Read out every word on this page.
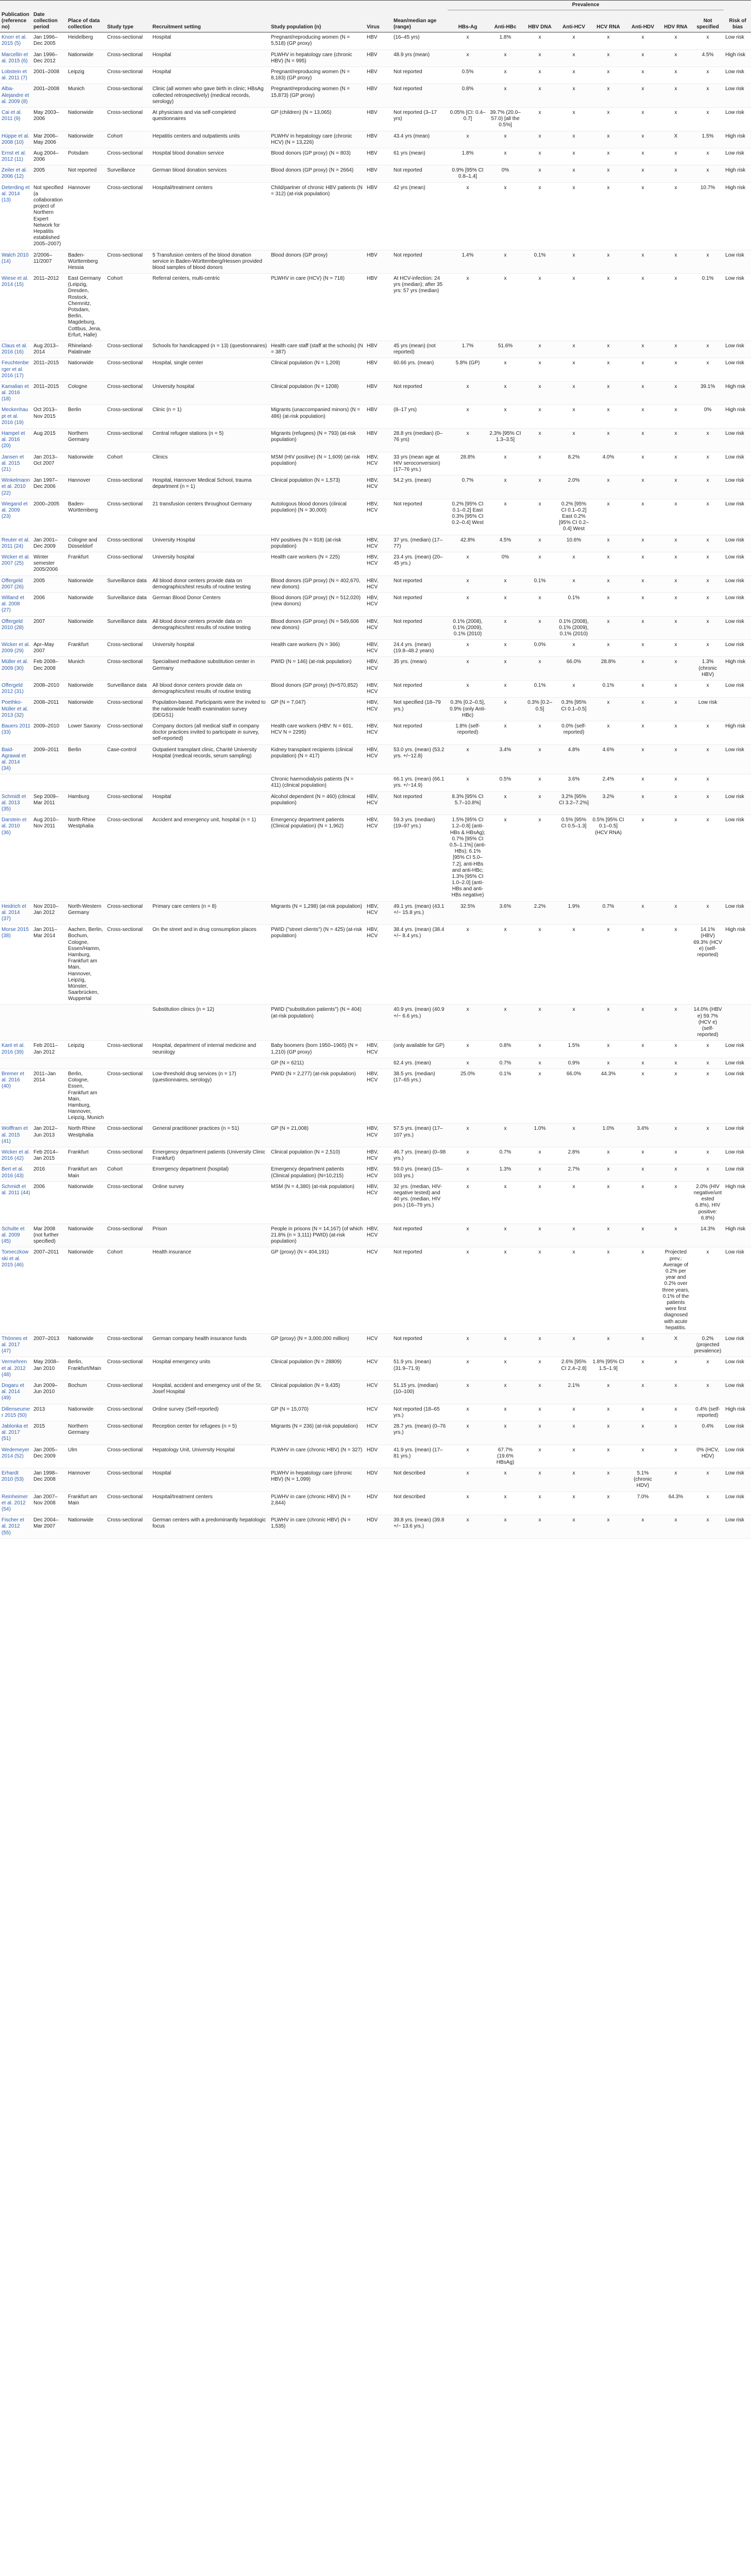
								Prevalence								
Publication (reference no)	Date collection period	Place of data collection	Study type	Recruitment setting	Study population (n)	Virus	Mean/median age (range)	HBs-Ag	Anti-HBc	HBV DNA	Anti-HCV	HCV RNA	Anti-HDV	HDV RNA	Not specified	Risk of bias
Knorr et al. 2015 (5)	Jan 1996–Dec 2005	Heidelberg	Cross-sectional	Hospital	Pregnant/reproducing women (N = 5,518) (GP proxy)	HBV	(16–45 yrs)	x	1.8%	x	x	x	x	x	x	Low risk
Marcellin et al. 2015 (6)	Jan 1996–Dec 2012	Nationwide	Cross-sectional	Hospital	PLWHV in hepatology care (chronic HBV) (N = 995)	HBV	48.9 yrs (mean)	x	x	x	x	x	x	x	4.5%	High risk
Lobstein et al. 2011 (7)	2001–2008	Leipzig	Cross-sectional	Hospital	Pregnant/reproducing women (N = 8,183) (GP proxy)	HBV	Not reported	0.5%	x	x	x	x	x	x	x	Low risk
Alba-Alejandre et al. 2009 (8)	2001–2008	Munich	Cross-sectional	Clinic (all women who gave birth in clinic; HBsAg collected retrospectively) (medical records, serology)	Pregnant/reproducing women (N = 15,873) (GP proxy)	HBV	Not reported	0.8%	x	x	x	x	x	x	x	Low risk
Cai et al. 2011 (9)	May 2003–2006	Nationwide	Cross-sectional	At physicians and via self-completed questionnaires	GP (children) (N = 13,065)	HBV	Not reported (3–17 yrs)	0.05% [CI: 0.4–0.7]	39.7% (20.0–57.0) [all the 0.5%]	x	x	x	x	x	x	Low risk
Hüppe et al. 2008 (10)	Mar 2006–May 2006	Nationwide	Cohort	Hepatitis centers and outpatients units	PLWHV in hepatology care (chronic HCV) (N = 13,226)	HBV	43.4 yrs (mean)	x	x	x	x	x	x	X	1.5%	High risk
Ernst et al. 2012 (11)	Aug 2004–2006	Potsdam	Cross-sectional	Hospital blood donation service	Blood donors (GP proxy) (N = 803)	HBV	61 yrs (mean)	1.8%	x	x	x	x	x	x	x	Low risk
Zeiler et al. 2006 (12)	2005	Not reported	Surveillance	German blood donation services	Blood donors (GP proxy) (N = 2664)	HBV	Not reported	0.9% [95% CI 0.8–1.4]	0%	x	x	x	x	x	x	High risk
Deterding et al. 2014 (13)	Not specified (a collaboration project of Northern Expert Network for Hepatitis established 2005–2007)	Hannover	Cross-sectional	Hospital/treatment centers	Child/partner of chronic HBV patients (N = 312) (at-risk population)	HBV	42 yrs (mean)	x	x	x	x	x	x	x	10.7%	High risk
Walch 2010 (14)	2/2006–11/2007	Baden-Württemberg Hessia	Cross-sectional	5 Transfusion centers of the blood donation service in Baden-Württemberg/Hessen provided blood samples of blood donors	Blood donors (GP proxy)	HBV	Not reported	1.4%	x	0.1%	x	x	x	x	x	Low risk
Wiese et al. 2014 (15)	2011–2012	East Germany (Leipzig, Dresden, Rostock, Chemnitz, Potsdam, Berlin, Magdeburg, Cottbus, Jena, Erfurt, Halle)	Cohort	Referral centers, multi-centric	PLWHV in care (HCV) (N = 718)	HBV	At HCV-infection: 24 yrs (median); after 35 yrs: 57 yrs (median)	x	x	x	x	x	x	x	0.1%	Low risk
Claus et al. 2016 (16)	Aug 2013–2014	Rhineland-Palatinate	Cross-sectional	Schools for handicapped (n = 13) (questionnaires)	Health care staff (staff at the schools) (N = 387)	HBV	45 yrs (mean) (not reported)	1.7%	51.6%	x	x	x	x	x	x	Low risk
Feuchtenberger et al. 2016 (17)	2011–2015	Nationwide	Cross-sectional	Hospital, single center	Clinical population (N = 1,209)	HBV	60.66 yrs. (mean)	5.8% (GP)	x	x	x	x	x	x	x	Low risk
Kamalian et al. 2016 (18)	2011–2015	Cologne	Cross-sectional	University hospital	Clinical population (N = 1208)	HBV	Not reported	x	x	x	x	x	x	x	39.1%	High risk
Meckenhaupt et al. 2016 (19)	Oct 2013–Nov 2015	Berlin	Cross-sectional	Clinic (n = 1)	Migrants (unaccompanied minors) (N = 486) (at-risk population)	HBV	(8–17 yrs)	x	x	x	x	x	x	x	0%	High risk
Hampel et al. 2016 (20)	Aug 2015	Northern Germany	Cross-sectional	Central refugee stations (n = 5)	Migrants (refugees) (N = 793) (at-risk population)	HBV	28.8 yrs (median) (0–76 yrs)	x	2.3% [95% CI 1.3–3.5]	x	x	x	x	x	x	Low risk
Jansen et al. 2015 (21)	Jan 2013–Oct 2007	Nationwide	Cohort	Clinics	MSM (HIV positive) (N = 1,609) (at-risk population)	HBV, HCV	33 yrs (mean age at HIV seroconversion) (17–76 yrs.)	28.8%	x	x	8.2%	4.0%	x	x	x	Low risk
Winkelmann et al. 2010 (22)	Jan 1997–Dec 2006	Hannover	Cross-sectional	Hospital, Hannover Medical School, trauma department (n = 1)	Clinical population (N = 1,573)	HBV, HCV	54.2 yrs. (mean)	0.7%	x	x	2.0%	x	x	x	x	Low risk
Wiegand et al. 2009 (23)	2000–2005	Baden-Württemberg	Cross-sectional	21 transfusion centers throughout Germany	Autologous blood donors (clinical population) (N = 30,000)	HBV, HCV	Not reported	0.2% [95% CI 0.1–0.2] East 0.3% [95% CI 0.2–0.4] West	x	x	0.2% [95% CI 0.1–0.2] East 0.2% [95% CI 0.2–0.4] West	x	x	x	x	Low risk
Reuter et al. 2011 (24)	Jan 2001–Dec 2009	Cologne and Düsseldorf	Cross-sectional	University Hospital	HIV positives (N = 918) (at-risk population)	HBV, HCV	37 yrs. (median) (17–77)	42.8%	4.5%	x	10.6%	x	x	x	x	Low risk
Wicker et al. 2007 (25)	Winter semester 2005/2006	Frankfurt	Cross-sectional	University hospital	Health care workers (N = 225)	HBV, HCV	23.4 yrs. (mean) (20–45 yrs.)	x	0%	x	x	x	x	x	x	Low risk
Offergeld 2007 (26)	2005	Nationwide	Surveillance data	All blood donor centers provide data on demographics/test results of routine testing	Blood donors (GP proxy) (N = 402,670, new donors)	HBV, HCV	Not reported	x	x	0.1%	x	x	x	x	x	Low risk
Willand et al. 2008 (27)	2006	Nationwide	Surveillance data	German Blood Donor Centers	Blood donors (GP proxy) (N = 512,020) (new donors)	HBV, HCV	Not reported	x	x	x	0.1%	x	x	x	x	Low risk
Offergeld 2010 (28)	2007	Nationwide	Surveillance data	All blood donor centers provide data on demographics/test results of routine testing	Blood donors (GP proxy) (N = 549,606 new donors)	HBV, HCV	Not reported	0.1% (2008), 0.1% (2009), 0.1% (2010)	x	x	0.1% (2008), 0.1% (2009), 0.1% (2010)	x	x	x	x	Low risk
Wicker et al. 2009 (29)	Apr–May 2007	Frankfurt	Cross-sectional	University hospital	Health care workers (N = 366)	HBV, HCV	24.4 yrs. (mean) (19.8–48.2 years)	x	x	0.0%	x	x	x	x	x	Low risk
Müller et al. 2009 (30)	Feb 2008–Dec 2008	Munich	Cross-sectional	Specialised methadone substitution center in Germany	PWID (N = 146) (at-risk population)	HBV, HCV	35 yrs. (mean)	x	x	x	66.0%	28.8%	x	x	1.3% (chronic HBV)	High risk
Offergeld 2012 (31)	2008–2010	Nationwide	Surveillance data	All blood donor centers provide data on demographics/test results of routine testing	Blood donors (GP proxy) (N=570,852)	HBV, HCV	Not reported	x	x	0.1%	x	0.1%	x	x	x	Low risk
Poethko-Müller et al. 2013 (32)	2008–2011	Nationwide	Cross-sectional	Population-based. Participants were the invited to the nationwide health examination survey (DEGS1)	GP (N = 7,047)	HBV, HCV	Not specified (18–79 yrs.)	0.3% [0.2–0.5], 0.9% (only Anti-HBc)	x	0.3% [0.2–0.5]	0.3% [95% CI 0.1–0.5]	x	x	x	Low risk	
Bauers 2011 (33)	2009–2010	Lower Saxony	Cross-sectional	Company doctors (all medical staff in company doctor practices invited to participate in survey, self-reported)	Health care workers (HBV: N = 601, HCV N = 2295)	HBV, HCV	Not reported	1.8% (self-reported)	x	x	0.0% (self-reported)	x	x	x	x	High risk
Baid-Agrawal et al. 2014 (34)	2009–2011	Berlin	Case-control	Outpatient transplant clinic, Charité University Hospital (medical records, serum sampling)	Kidney transplant recipients (clinical population) (N = 417)	HBV, HCV	53.0 yrs. (mean) (53.2 yrs. +/−12.8)	x	3.4%	x	4.8%	4.6%	x	x	x	Low risk
					Chronic haemodialysis patients (N = 411) (clinical population)		66.1 yrs. (mean) (66.1 yrs. +/−14.9)	x	0.5%	x	3.6%	2.4%	x	x	x	
Schmidt et al. 2013 (35)	Sep 2009–Mar 2011	Hamburg	Cross-sectional	Hospital	Alcohol dependent (N = 460) (clinical population)	HBV, HCV	Not reported	8.3% [95% CI 5.7–10.8%]	x	x	3.2% [95% CI 3.2–7.2%]	3.2%	x	x	x	Low risk
Darstein et al. 2010 (36)	Aug 2010–Nov 2011	North Rhine Westphalia	Cross-sectional	Accident and emergency unit, hospital (n = 1)	Emergency department patients (Clinical population) (N = 1,962)	HBV, HCV	59.3 yrs. (median) (19–97 yrs.)	1.5% [95% CI 1.2–0.8] (anti-HBs & HBsAg); 0.7% [95% CI 0.5–1.1%] (anti-HBs); 6.1% [95% CI 5.0–7.2], anti-HBs and anti-HBc; 1.3% [95% CI 1.0–2.0] (anti-HBs and anti-HBs negative)	x	x	0.5% [95% CI 0.5–1.3]	0.5% [95% CI 0.1–0.5] (HCV RNA)	x	x	x	Low risk
Heidrich et al. 2014 (37)	Nov 2010–Jan 2012	North-Western Germany	Cross-sectional	Primary care centers (n = 8)	Migrants (N = 1,298) (at-risk population)	HBV, HCV	49.1 yrs. (mean) (43.1 +/− 15.8 yrs.)	32.5%	3.6%	2.2%	1.9%	0.7%	x	x	x	Low risk
Morse 2015 (38)	Jan 2011–Mar 2014	Aachen, Berlin, Bochum, Cologne, Essen/Hamm, Hamburg, Frankfurt am Main, Hannover, Leipzig, Münster, Saarbrücken, Wuppertal	Cross-sectional	On the street and in drug consumption places	PWID ("street clients") (N = 425) (at-risk population)	HBV, HCV	38.4 yrs. (mean) (38.4 +/− 8.4 yrs.)	x	x	x	x	x	x	x	14.1% (HBV) 69.3% (HCV e) (self-reported)	High risk
				Substitution clinics (n = 12)	PWID ("substitution patients") (N = 404) (at-risk population)		40.9 yrs. (mean) (40.9 +/− 6.6 yrs.)	x	x	x	x	x	x	x	14.0% (HBV e) 59.7% (HCV e) (self-reported)	
Kant et al. 2016 (39)	Feb 2011–Jan 2012	Leipzig	Cross-sectional	Hospital, department of internal medicine and neurology	Baby boomers (born 1950–1965) (N = 1,210) (GP proxy)	HBV, HCV	(only available for GP)	x	0.8%	x	1.5%	x	x	x	x	Low risk
					GP (N = 6211)		62.4 yrs. (mean)	x	0.7%	x	0.9%	x	x	x	x	Low risk
Bremer et al. 2016 (40)	2011–Jan 2014	Berlin, Cologne, Essen, Frankfurt am Main, Hamburg, Hannover, Leipzig, Munich	Cross-sectional	Low-threshold drug services (n = 17) (questionnaires, serology)	PWID (N = 2,277) (at-risk population)	HBV, HCV	38.5 yrs. (median) (17–65 yrs.)	25.0%	0.1%	x	66.0%	44.3%	x	x	x	Low risk
Wolffram et al. 2015 (41)	Jan 2012–Jun 2013	North Rhine Westphalia	Cross-sectional	General practitioner practices (n = 51)	GP (N = 21,008)	HBV, HCV	57.5 yrs. (mean) (17–107 yrs.)	x	x	1.0%	x	1.0%	3.4%	x	x	Low risk
Wicker et al. 2016 (42)	Feb 2014–Jan 2015	Frankfurt	Cross-sectional	Emergency department patients (University Clinic Frankfurt)	Clinical population (N = 2,510)	HBV, HCV	46.7 yrs. (mean) (0–98 yrs.)	x	0.7%	x	2.8%	x	x	x	x	Low risk
Bert et al. 2016 (43)	2016	Frankfurt am Main	Cohort	Emergency department (hospital)	Emergency department patients (Clinical population) (N=10,215)	HBV, HCV	59.0 yrs. (mean) (15–103 yrs.)	x	1.3%	x	2.7%	x	x	x	x	Low risk
Schmidt et al. 2011 (44)	2006	Nationwide	Cross-sectional	Online survey	MSM (N = 4,380) (at-risk population)	HBV, HCV	32 yrs. (median, HIV-negative tested) and 40 yrs. (median, HIV pos.) (16–79 yrs.)	x	x	x	x	x	x	x	2.0% (HIV negative/untested 6.8%), HIV positive: 6.8%)	High risk
Schulte et al. 2009 (45)	Mar 2008 (not further specified)	Nationwide	Cross-sectional	Prison	People in prisons (N = 14,167) (of which 21.8% (n = 3,111) PWID) (at-risk population)	HBV, HCV	Not reported	x	x	x	x	x	x	x	14.3%	High risk
Tomeczkowski et al. 2015 (46)	2007–2011	Nationwide	Cohort	Health insurance	GP (proxy) (N = 404,191)	HCV	Not reported	x	x	x	x	x	x	Projected prev.: Average of 0.2% per year and 0.2% over three years, 0.1% of the patients were first diagnosed with acute hepatitis.	x	Low risk
Thönnes et al. 2017 (47)	2007–2013	Nationwide	Cross-sectional	German company health insurance funds	GP (proxy) (N = 3,000,000 million)	HCV	Not reported	x	x	x	x	x	x	X	0.2% (projected prevalence)	Low risk
Vermehren et al. 2012 (48)	May 2008–Jan 2010	Berlin, Frankfurt/Main	Cross-sectional	Hospital emergency units	Clinical population (N = 28809)	HCV	51.9 yrs. (mean) (31.9–71.9)	x	x	x	2.6% [95% CI 2.4–2.8]	1.8% [95% CI 1.5–1.9]	x	x	x	Low risk
Dogaru et al. 2014 (49)	Jun 2009–Jun 2010	Bochum	Cross-sectional	Hospital, accident and emergency unit of the St. Josef Hospital	Clinical population (N = 9,435)	HCV	51.15 yrs. (median) (10–100)	x	x	x	2.1%	x	x	x	x	Low risk
Dillenseumer 2015 (50)	2013	Nationwide	Cross-sectional	Online survey (Self-reported)	GP (N = 15,070)	HCV	Not reported (18–65 yrs.)	x	x	x	x	x	x	x	0.4% (self-reported)	High risk
Jablonka et al. 2017 (51)	2015	Northern Germany	Cross-sectional	Reception center for refugees (n = 5)	Migrants (N = 236) (at-risk population)	HCV	28.7 yrs. (mean) (0–76 yrs.)	x	x	x	x	x	x	x	0.4%	Low risk
Wedemeyer 2014 (52)	Jan 2005–Dec 2009	Ulm	Cross-sectional	Hepatology Unit, University Hospital	PLWHV in care (chronic HBV) (N = 327)	HDV	41.9 yrs. (mean) (17–81 yrs.)	x	67.7% (19.6% HBsAg)	x	x	x	x	x	0% (HCV, HDV)	Low risk
Erhardt 2010 (53)	Jan 1998–Dec 2008	Hannover	Cross-sectional	Hospital	PLWHV in hepatology care (chronic HBV) (N = 1,099)	HDV	Not described	x	x	x	x	x	5.1% (chronic HDV)	x	x	Low risk
Reinheimer et al. 2012 (54)	Jan 2007–Nov 2008	Frankfurt am Main	Cross-sectional	Hospital/treatment centers	PLWHV in care (chronic HBV) (N = 2,844)	HDV	Not described	x	x	x	x	x	7.0%	64.3%	x	Low risk
Fischer et al. 2012 (55)	Dec 2004–Mar 2007	Nationwide	Cross-sectional	German centers with a predominantly hepatologic focus	PLWHV in care (chronic HBV) (N = 1,535)	HDV	39.8 yrs. (mean) (39.8 +/− 13.6 yrs.)	x	x	x	x	x	x	x	x	Low risk
